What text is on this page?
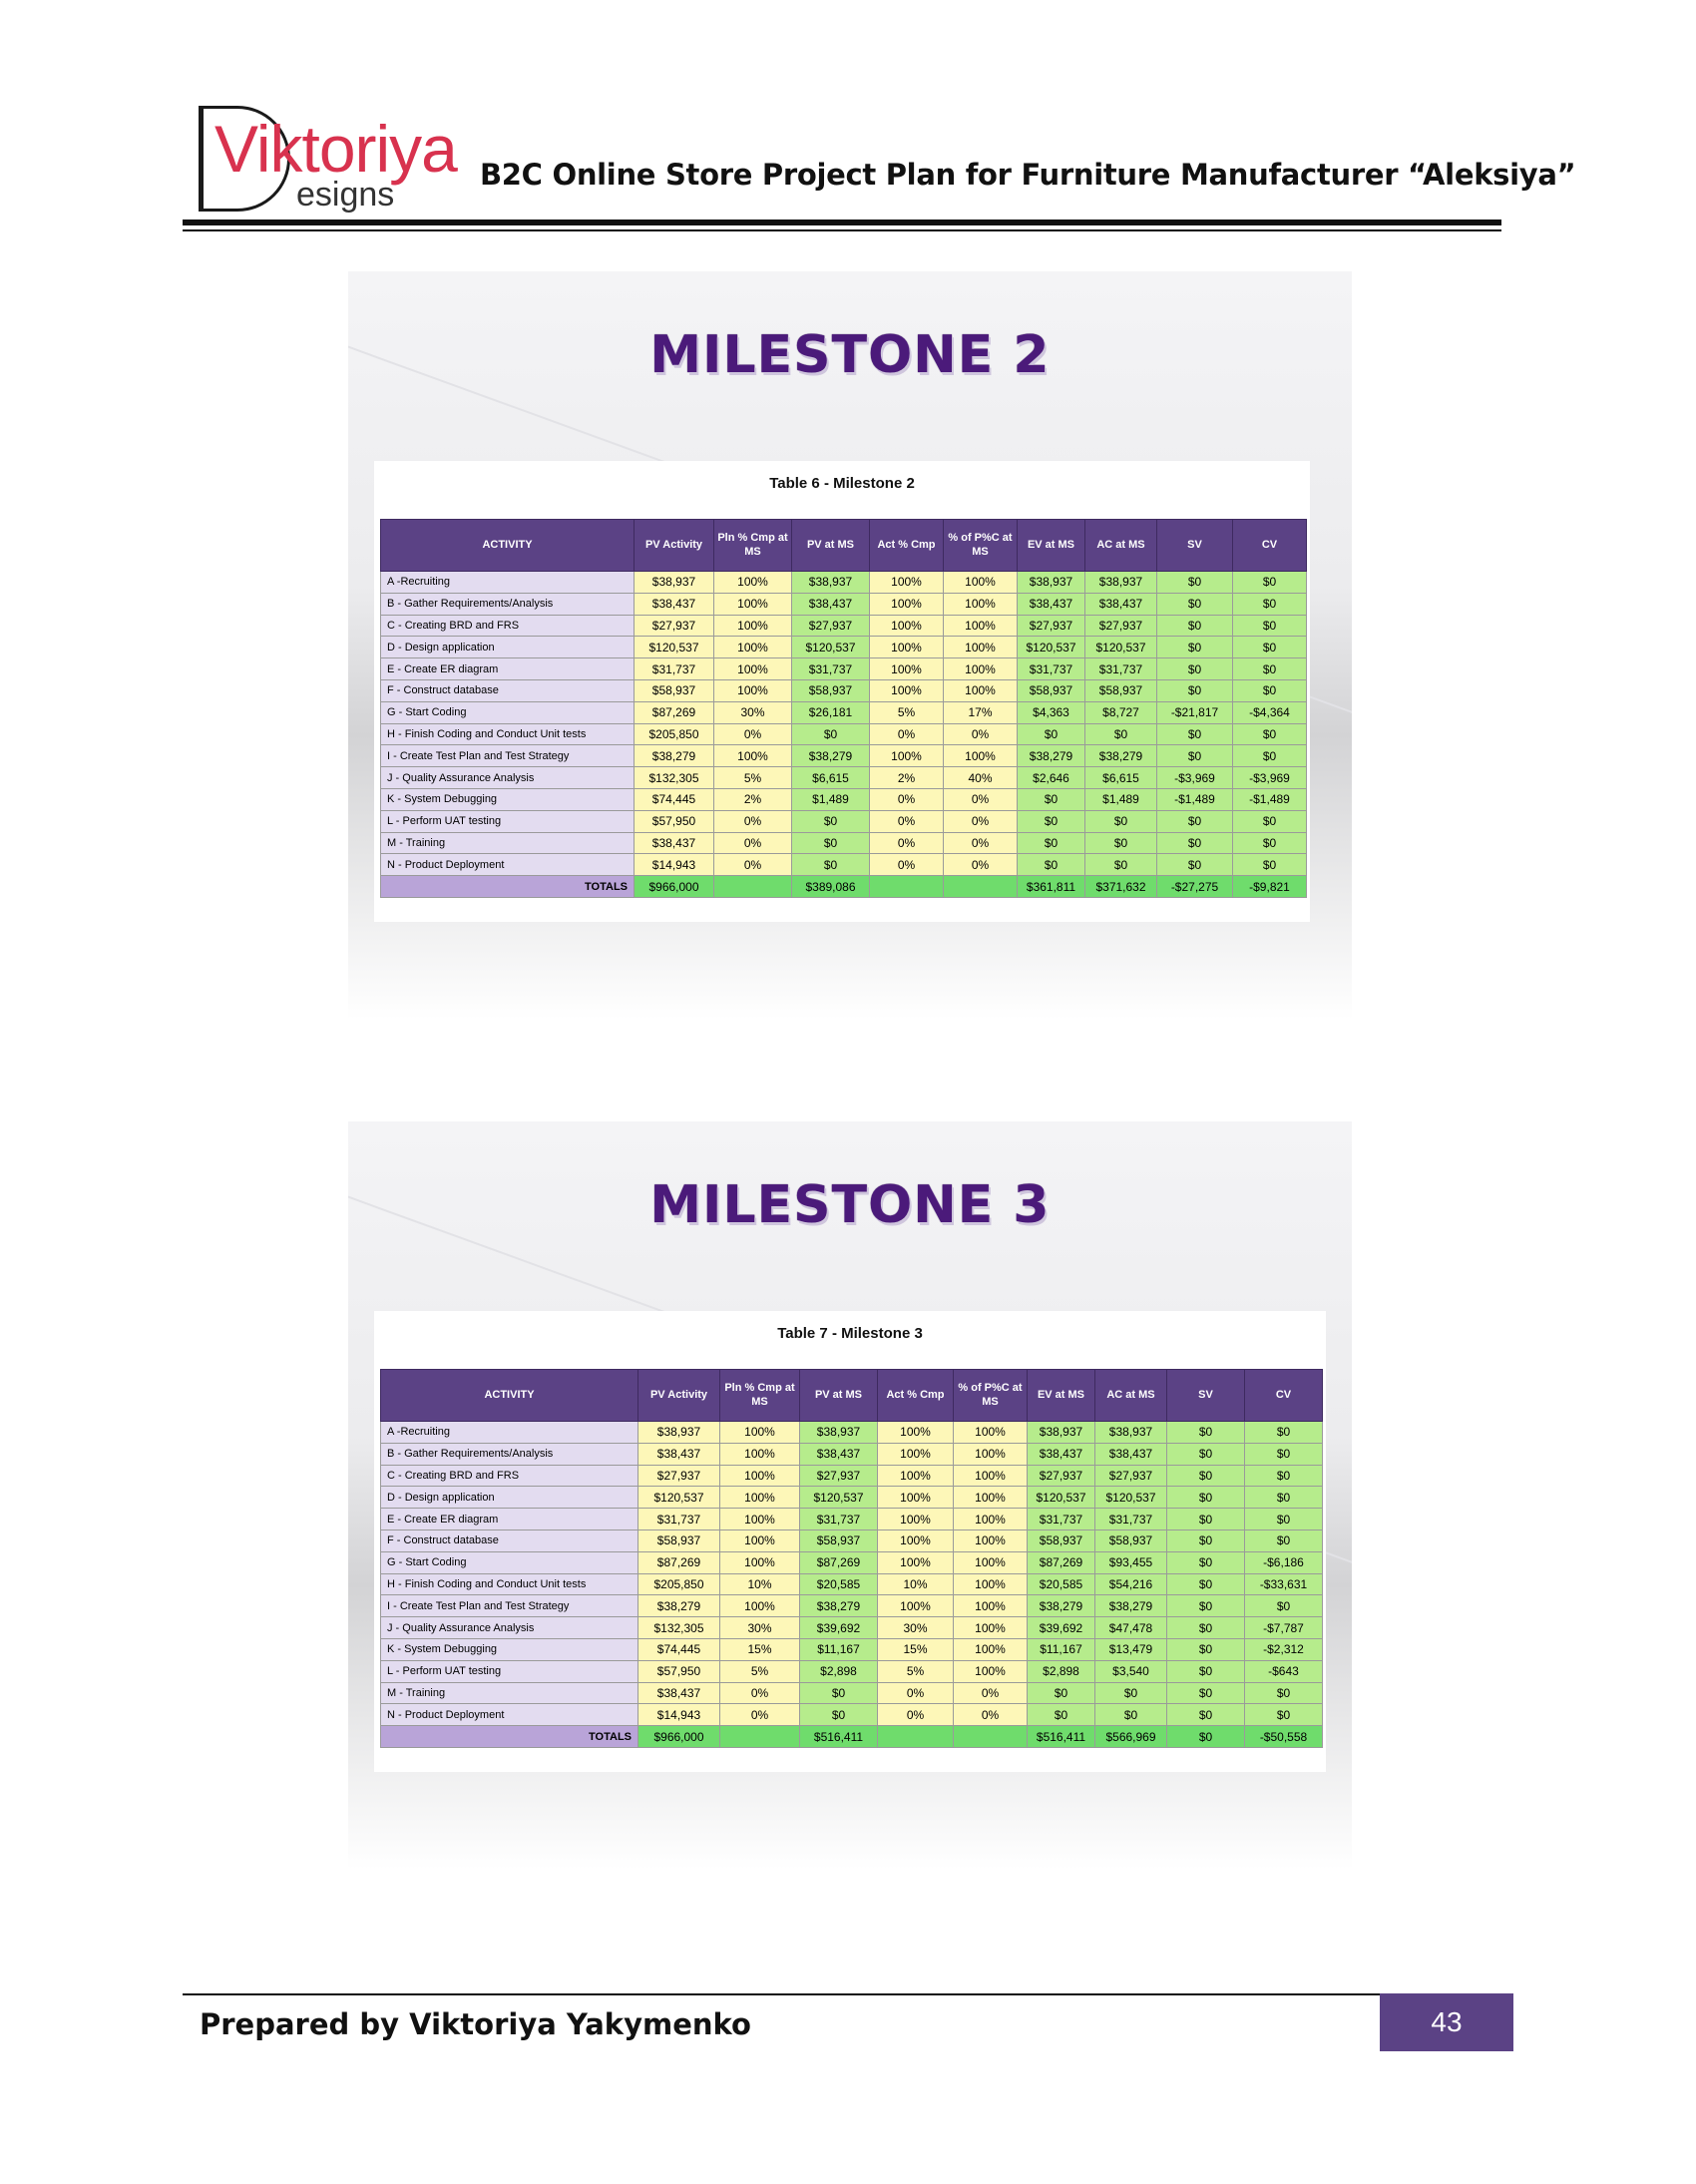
Viktoriya
esigns
B2C Online Store Project Plan for Furniture Manufacturer “Aleksiya”
MILESTONE 2
Table 6 - Milestone 2
ACTIVITY	PV Activity	Pln % Cmp at MS	PV at MS	Act % Cmp	% of P%C at MS	EV at MS	AC at MS	SV	CV
A -Recruiting	$38,937	100%	$38,937	100%	100%	$38,937	$38,937	$0	$0
B - Gather Requirements/Analysis	$38,437	100%	$38,437	100%	100%	$38,437	$38,437	$0	$0
C - Creating BRD and FRS	$27,937	100%	$27,937	100%	100%	$27,937	$27,937	$0	$0
D - Design application	$120,537	100%	$120,537	100%	100%	$120,537	$120,537	$0	$0
E - Create ER diagram	$31,737	100%	$31,737	100%	100%	$31,737	$31,737	$0	$0
F - Construct database	$58,937	100%	$58,937	100%	100%	$58,937	$58,937	$0	$0
G - Start Coding	$87,269	30%	$26,181	5%	17%	$4,363	$8,727	-$21,817	-$4,364
H - Finish Coding and Conduct Unit tests	$205,850	0%	$0	0%	0%	$0	$0	$0	$0
I - Create Test Plan and Test Strategy	$38,279	100%	$38,279	100%	100%	$38,279	$38,279	$0	$0
J - Quality Assurance Analysis	$132,305	5%	$6,615	2%	40%	$2,646	$6,615	-$3,969	-$3,969
K - System Debugging	$74,445	2%	$1,489	0%	0%	$0	$1,489	-$1,489	-$1,489
L - Perform UAT testing	$57,950	0%	$0	0%	0%	$0	$0	$0	$0
M - Training	$38,437	0%	$0	0%	0%	$0	$0	$0	$0
N - Product Deployment	$14,943	0%	$0	0%	0%	$0	$0	$0	$0
TOTALS	$966,000		$389,086			$361,811	$371,632	-$27,275	-$9,821
MILESTONE 3
Table 7 - Milestone 3
ACTIVITY	PV Activity	Pln % Cmp at MS	PV at MS	Act % Cmp	% of P%C at MS	EV at MS	AC at MS	SV	CV
A -Recruiting	$38,937	100%	$38,937	100%	100%	$38,937	$38,937	$0	$0
B - Gather Requirements/Analysis	$38,437	100%	$38,437	100%	100%	$38,437	$38,437	$0	$0
C - Creating BRD and FRS	$27,937	100%	$27,937	100%	100%	$27,937	$27,937	$0	$0
D - Design application	$120,537	100%	$120,537	100%	100%	$120,537	$120,537	$0	$0
E - Create ER diagram	$31,737	100%	$31,737	100%	100%	$31,737	$31,737	$0	$0
F - Construct database	$58,937	100%	$58,937	100%	100%	$58,937	$58,937	$0	$0
G - Start Coding	$87,269	100%	$87,269	100%	100%	$87,269	$93,455	$0	-$6,186
H - Finish Coding and Conduct Unit tests	$205,850	10%	$20,585	10%	100%	$20,585	$54,216	$0	-$33,631
I - Create Test Plan and Test Strategy	$38,279	100%	$38,279	100%	100%	$38,279	$38,279	$0	$0
J - Quality Assurance Analysis	$132,305	30%	$39,692	30%	100%	$39,692	$47,478	$0	-$7,787
K - System Debugging	$74,445	15%	$11,167	15%	100%	$11,167	$13,479	$0	-$2,312
L - Perform UAT testing	$57,950	5%	$2,898	5%	100%	$2,898	$3,540	$0	-$643
M - Training	$38,437	0%	$0	0%	0%	$0	$0	$0	$0
N - Product Deployment	$14,943	0%	$0	0%	0%	$0	$0	$0	$0
TOTALS	$966,000		$516,411			$516,411	$566,969	$0	-$50,558
Prepared by Viktoriya Yakymenko	43
